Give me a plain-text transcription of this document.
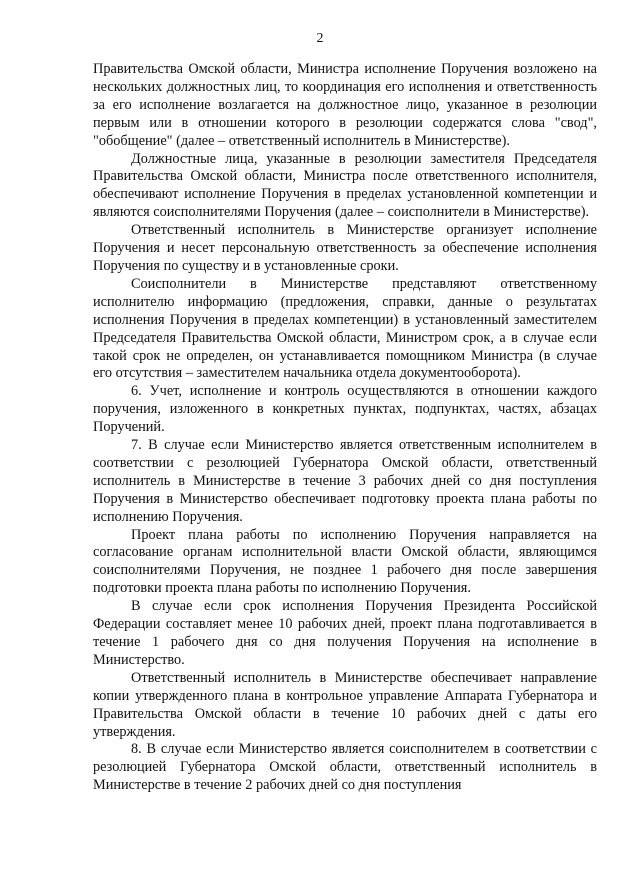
2

Правительства Омской области, Министра исполнение Поручения возложено на нескольких должностных лиц, то координация его исполнения и ответственность за его исполнение возлагается на должностное лицо, указанное в резолюции первым или в отношении которого в резолюции содержатся слова "свод", "обобщение" (далее – ответственный исполнитель в Министерстве).

Должностные лица, указанные в резолюции заместителя Председателя Правительства Омской области, Министра после ответственного исполнителя, обеспечивают исполнение Поручения в пределах установленной компетенции и являются соисполнителями Поручения (далее – соисполнители в Министерстве).

Ответственный исполнитель в Министерстве организует исполнение Поручения и несет персональную ответственность за обеспечение исполнения Поручения по существу и в установленные сроки.

Соисполнители в Министерстве представляют ответственному исполнителю информацию (предложения, справки, данные о результатах исполнения Поручения в пределах компетенции) в установленный заместителем Председателя Правительства Омской области, Министром срок, а в случае если такой срок не определен, он устанавливается помощником Министра (в случае его отсутствия – заместителем начальника отдела документооборота).

6. Учет, исполнение и контроль осуществляются в отношении каждого поручения, изложенного в конкретных пунктах, подпунктах, частях, абзацах Поручений.

7. В случае если Министерство является ответственным исполнителем в соответствии с резолюцией Губернатора Омской области, ответственный исполнитель в Министерстве в течение 3 рабочих дней со дня поступления Поручения в Министерство обеспечивает подготовку проекта плана работы по исполнению Поручения.

Проект плана работы по исполнению Поручения направляется на согласование органам исполнительной власти Омской области, являющимся соисполнителями Поручения, не позднее 1 рабочего дня после завершения подготовки проекта плана работы по исполнению Поручения.

В случае если срок исполнения Поручения Президента Российской Федерации составляет менее 10 рабочих дней, проект плана подготавливается в течение 1 рабочего дня со дня получения Поручения на исполнение в Министерство.

Ответственный исполнитель в Министерстве обеспечивает направление копии утвержденного плана в контрольное управление Аппарата Губернатора и Правительства Омской области в течение 10 рабочих дней с даты его утверждения.

8. В случае если Министерство является соисполнителем в соответствии с резолюцией Губернатора Омской области, ответственный исполнитель в Министерстве в течение 2 рабочих дней со дня поступления
